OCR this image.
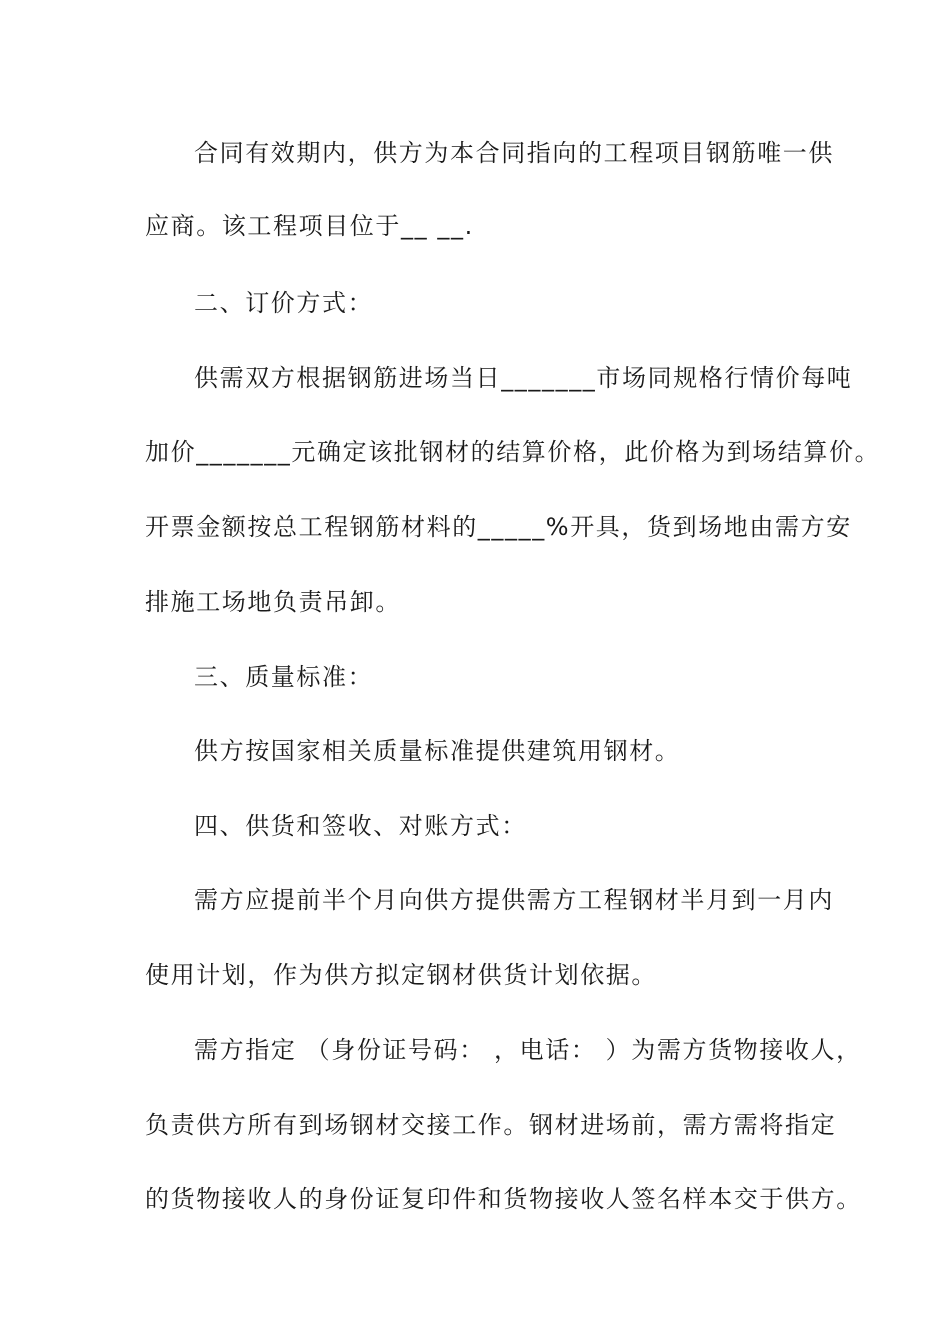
合同有效期内，供方为本合同指向的工程项目钢筋唯一供
应商。该工程项目位于__ __.
二、订价方式：
供需双方根据钢筋进场当日_______市场同规格行情价每吨
加价_______元确定该批钢材的结算价格，此价格为到场结算价。
开票金额按总工程钢筋材料的_____%开具，货到场地由需方安
排施工场地负责吊卸。
三、质量标准：
供方按国家相关质量标准提供建筑用钢材。
四、供货和签收、对账方式：
需方应提前半个月向供方提供需方工程钢材半月到一月内
使用计划，作为供方拟定钢材供货计划依据。
需方指定 （身份证号码： ，电话： ）为需方货物接收人，
负责供方所有到场钢材交接工作。钢材进场前，需方需将指定
的货物接收人的身份证复印件和货物接收人签名样本交于供方。
